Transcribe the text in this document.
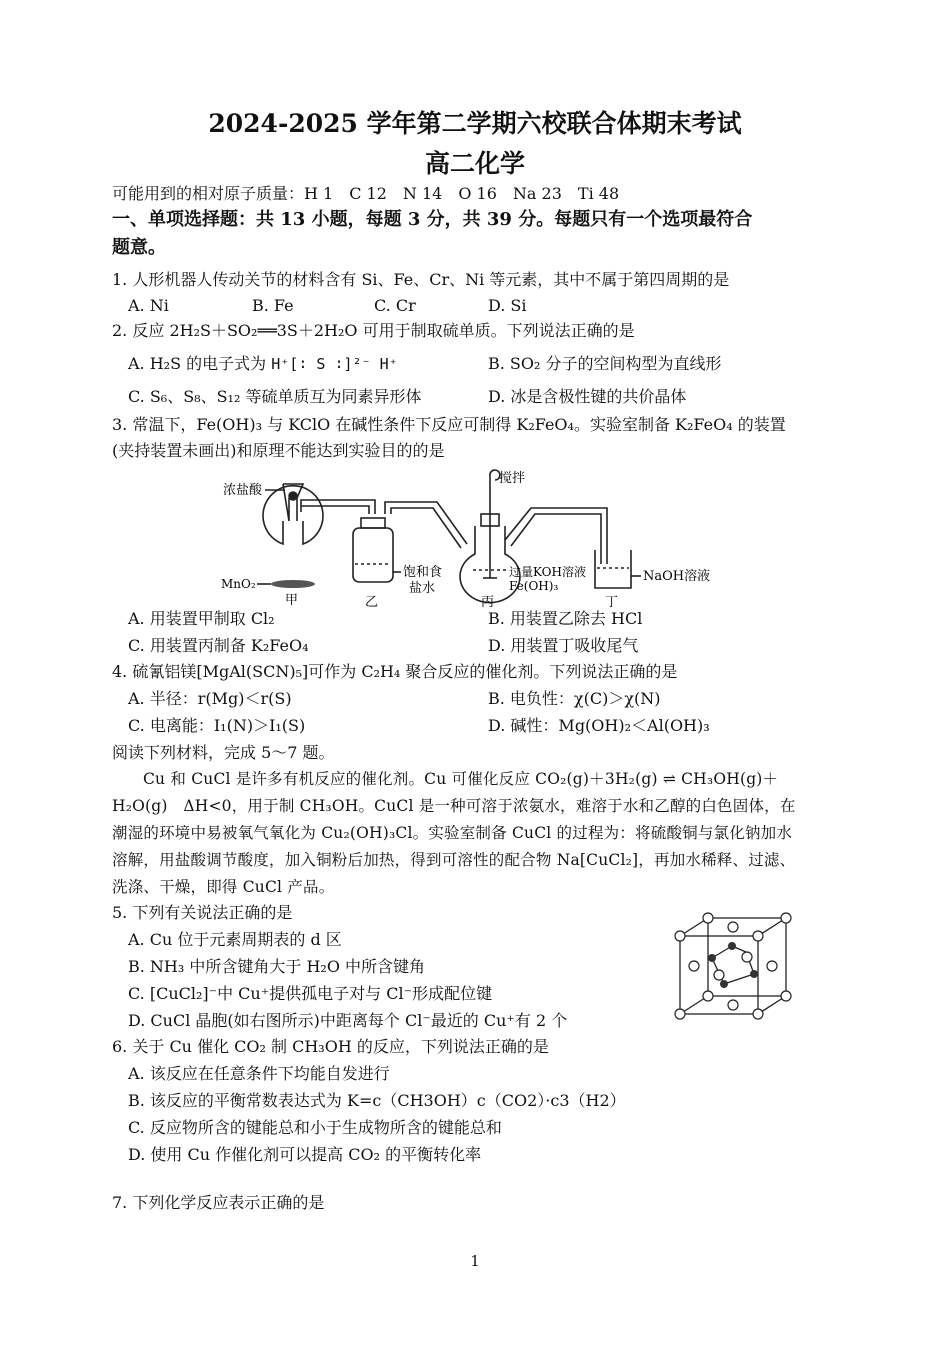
2024-2025 学年第二学期六校联合体期末考试
高二化学
可能用到的相对原子质量：H 1　C 12　N 14　O 16　Na 23　Ti 48
一、单项选择题：共 13 小题，每题 3 分，共 39 分。每题只有一个选项最符合
题意。
1. 人形机器人传动关节的材料含有 Si、Fe、Cr、Ni 等元素，其中不属于第四周期的是
A. Ni	B. Fe	C. Cr	D. Si
2. 反应 2H₂S＋SO₂══3S＋2H₂O 可用于制取硫单质。下列说法正确的是
A. H₂S 的电子式为 H⁺[∶ S ∶]²⁻ H⁺	B. SO₂ 分子的空间构型为直线形
C. S₆、S₈、S₁₂ 等硫单质互为同素异形体	D. 冰是含极性键的共价晶体
3. 常温下，Fe(OH)₃ 与 KClO 在碱性条件下反应可制得 K₂FeO₄。实验室制备 K₂FeO₄ 的装置
(夹持装置未画出)和原理不能达到实验目的的是
浓盐酸
MnO₂
搅拌
饱和食
盐水
过量KOH溶液
Fe(OH)₃
NaOH溶液
甲	乙	丙	丁
A. 用装置甲制取 Cl₂	B. 用装置乙除去 HCl
C. 用装置丙制备 K₂FeO₄	D. 用装置丁吸收尾气
4. 硫氰铝镁[MgAl(SCN)₅]可作为 C₂H₄ 聚合反应的催化剂。下列说法正确的是
A. 半径：r(Mg)＜r(S)	B. 电负性：χ(C)＞χ(N)
C. 电离能：I₁(N)＞I₁(S)	D. 碱性：Mg(OH)₂＜Al(OH)₃
阅读下列材料，完成 5～7 题。
Cu 和 CuCl 是许多有机反应的催化剂。Cu 可催化反应 CO₂(g)＋3H₂(g) ⇌ CH₃OH(g)＋H₂O(g)　ΔH<0，用于制 CH₃OH。CuCl 是一种可溶于浓氨水，难溶于水和乙醇的白色固体，在潮湿的环境中易被氧气氧化为 Cu₂(OH)₃Cl。实验室制备 CuCl 的过程为：将硫酸铜与氯化钠加水溶解，用盐酸调节酸度，加入铜粉后加热，得到可溶性的配合物 Na[CuCl₂]，再加水稀释、过滤、洗涤、干燥，即得 CuCl 产品。
5. 下列有关说法正确的是
A. Cu 位于元素周期表的 d 区
B. NH₃ 中所含键角大于 H₂O 中所含键角
C. [CuCl₂]⁻中 Cu⁺提供孤电子对与 Cl⁻形成配位键
D. CuCl 晶胞(如右图所示)中距离每个 Cl⁻最近的 Cu⁺有 2 个
6. 关于 Cu 催化 CO₂ 制 CH₃OH 的反应，下列说法正确的是
A. 该反应在任意条件下均能自发进行
B. 该反应的平衡常数表达式为 K=c（CH3OH）c（CO2）·c3（H2）
C. 反应物所含的键能总和小于生成物所含的键能总和
D. 使用 Cu 作催化剂可以提高 CO₂ 的平衡转化率
7. 下列化学反应表示正确的是
1
